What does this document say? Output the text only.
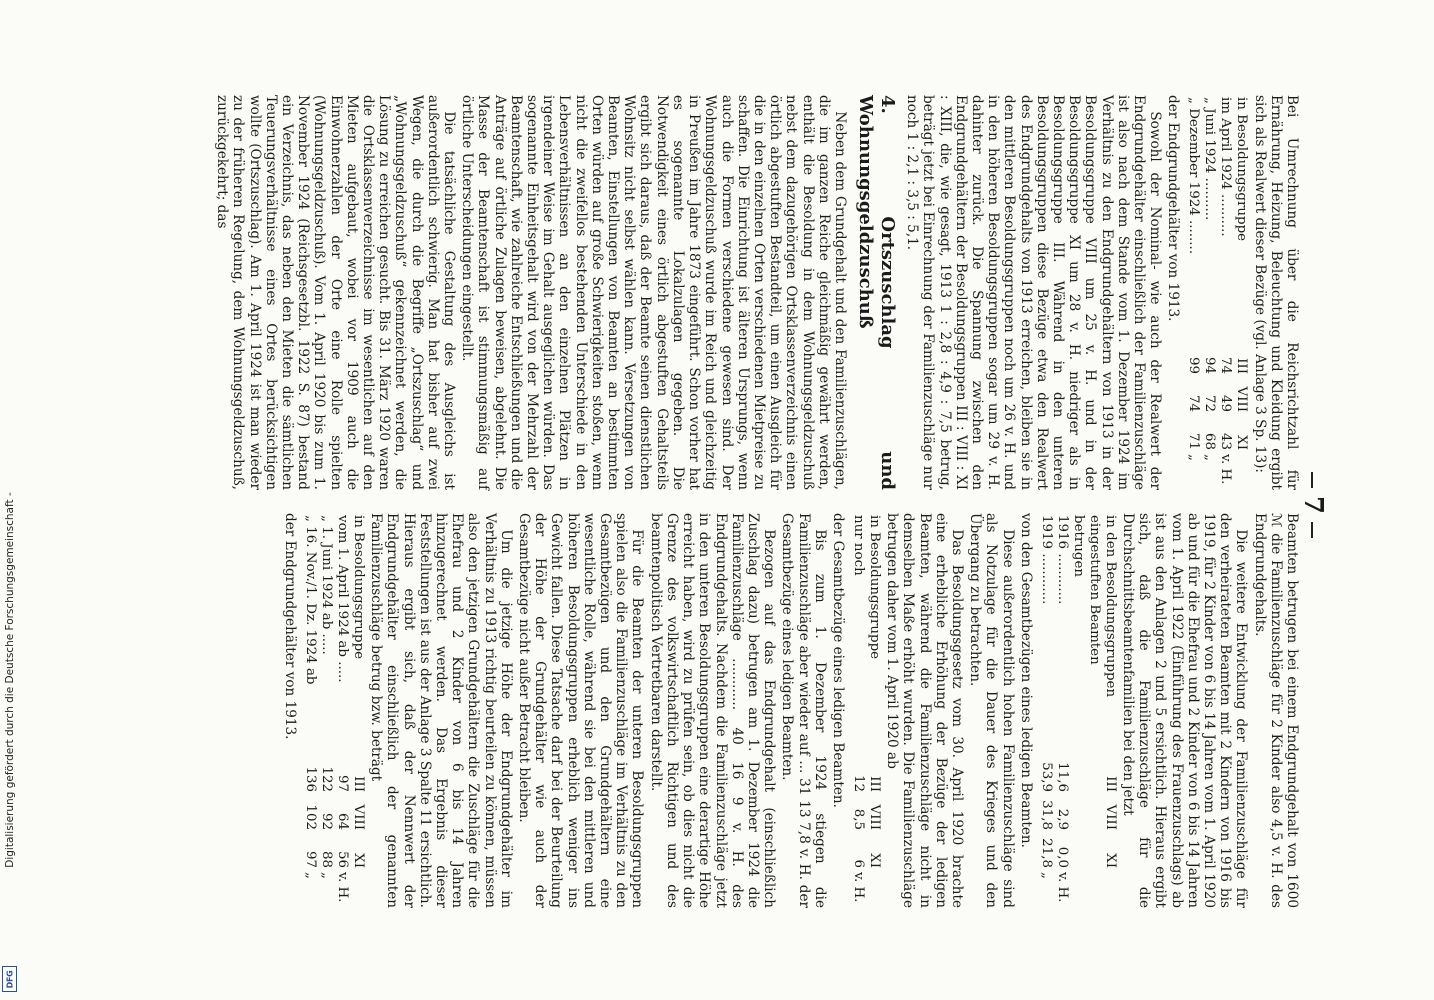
Digitalisierung gefördert durch die Deutsche Forschungsgemeinschaft -
DFG
7

Bei Umrechnung über die Reichsrichtzahl für Ernährung, Heizung, Beleuchtung und Kleidung ergibt sich als Realwert dieser Bezüge (vgl. Anlage 3 Sp. 13):

in Besoldungsgruppe	III	VIII	XI	
im April 1924 ..........	74	49	43	v. H.
„ Juni 1924 ..........	94	72	68	„
„ Dezember 1924 ........	99	74	71	„

der Endgrundgehälter von 1913.

Sowohl der Nominal- wie auch der Realwert der Endgrundgehälter einschließlich der Familienzuschläge ist also nach dem Stande vom 1. Dezember 1924 im Verhältnis zu den Endgrundgehältern von 1913 in der Besoldungsgruppe VIII um 25 v. H. und in der Besoldungsgruppe XI um 28 v. H. niedriger als in Besoldungsgruppe III. Während in den unteren Besoldungsgruppen diese Bezüge etwa den Realwert des Endgrundgehalts von 1913 erreichen, bleiben sie in den mittleren Besoldungsgruppen noch um 26 v. H. und in den höheren Besoldungsgruppen sogar um 29 v. H. dahinter zurück. Die Spannung zwischen den Endgrundgehältern der Besoldungsgruppen III : VIII : XI : XIII, die, wie gesagt, 1913 1 : 2,8 : 4,9 : 7,5 betrug, beträgt jetzt bei Einrechnung der Familienzuschläge nur noch 1 : 2,1 : 3,5 : 5,1.

4. Ortszuschlag und Wohnungsgeldzuschuß

Neben dem Grundgehalt und den Familienzuschlägen, die im ganzen Reiche gleichmäßig gewährt werden, enthält die Besoldung in dem Wohnungsgeldzuschuß nebst dem dazugehörigen Ortsklassenverzeichnis einen örtlich abgestuften Bestandteil, um einen Ausgleich für die in den einzelnen Orten verschiedenen Mietpreise zu schaffen. Die Einrichtung ist älteren Ursprungs, wenn auch die Formen verschiedene gewesen sind. Der Wohnungsgeldzuschuß wurde im Reich und gleichzeitig in Preußen im Jahre 1873 eingeführt. Schon vorher hat es sogenannte Lokalzulagen gegeben. Die Notwendigkeit eines örtlich abgestuften Gehaltsteils ergibt sich daraus, daß der Beamte seinen dienstlichen Wohnsitz nicht selbst wählen kann. Versetzungen von Beamten, Einstellungen von Beamten an bestimmten Orten würden auf große Schwierigkeiten stoßen, wenn nicht die zweifellos bestehenden Unterschiede in den Lebensverhältnissen an den einzelnen Plätzen in irgendeiner Weise im Gehalt ausgeglichen würden. Das sogenannte Einheitsgehalt wird von der Mehrzahl der Beamtenschaft, wie zahlreiche Entschließungen und die Anträge auf örtliche Zulagen beweisen, abgelehnt. Die Masse der Beamtenschaft ist stimmungsmäßig auf örtliche Unterscheidungen eingestellt.

Die tatsächliche Gestaltung des Ausgleichs ist außerordentlich schwierig. Man hat bisher auf zwei Wegen, die durch die Begriffe „Ortszuschlag“ und „Wohnungsgeldzuschuß“ gekennzeichnet werden, die Lösung zu erreichen gesucht. Bis 31. März 1920 waren die Ortsklassenverzeichnisse im wesentlichen auf den Mieten aufgebaut, wobei vor 1909 auch die Einwohnerzahlen der Orte eine Rolle spielten (Wohnungsgeldzuschuß). Vom 1. April 1920 bis zum 1. November 1924 (Reichsgesetzbl. 1922 S. 87) bestand ein Verzeichnis, das neben den Mieten die sämtlichen Teuerungsverhältnisse eines Ortes berücksichtigen wollte (Ortszuschlag). Am 1. April 1924 ist man wieder zu der früheren Regelung, dem Wohnungsgeldzuschuß, zurückgekehrt; das

Beamten betrugen bei einem Endgrundgehalt von 1600 ℳ die Familienzuschläge für 2 Kinder also 4,5 v. H. des Endgrundgehalts.

Die weitere Entwicklung der Familienzuschläge für den verheirateten Beamten mit 2 Kindern von 1916 bis 1919, für 2 Kinder von 6 bis 14 Jahren vom 1. April 1920 ab und für die Ehefrau und 2 Kinder von 6 bis 14 Jahren vom 1. April 1922 (Einführung des Frauenzuschlags) ab ist aus den Anlagen 2 und 5 ersichtlich. Hieraus ergibt sich, daß die Familienzuschläge für die Durchschnittsbeamtenfamilien bei den jetzt

in den Besoldungsgruppen	III	VIII	XI	
eingestuften Beamten				
betrugen				
1916 ............	11,6	2,9	0,0	v. H.
1919 ............	53,9	31,8	21,8	„

von den Gesamtbezügen eines ledigen Beamten.

Diese außerordentlich hohen Familienzuschläge sind als Notzulage für die Dauer des Krieges und den Übergang zu betrachten.

Das Besoldungsgesetz vom 30. April 1920 brachte eine erhebliche Erhöhung der Bezüge der ledigen Beamten, während die Familienzuschläge nicht in demselben Maße erhöht wurden. Die Familienzuschläge betrugen daher vom 1. April 1920 ab

in Besoldungsgruppe	III	VIII	XI	
nur noch	12	8,5	6	v. H.

der Gesamtbezüge eines ledigen Beamten.

Bis zum 1. Dezember 1924 stiegen die Familienzuschläge aber wieder auf ... 31 13 7,8 v. H. der Gesamtbezüge eines ledigen Beamten.

Bezogen auf das Endgrundgehalt (einschließlich Zuschlag dazu) betrugen am 1. Dezember 1924 die Familienzuschläge ............ 40 16 9 v. H. des Endgrundgehalts. Nachdem die Familienzuschläge jetzt in den unteren Besoldungsgruppen eine derartige Höhe erreicht haben, wird zu prüfen sein, ob dies nicht die Grenze des volkswirtschaftlich Richtigen und des beamtenpolitisch Vertretbaren darstellt.

Für die Beamten der unteren Besoldungsgruppen spielen also die Familienzuschläge im Verhältnis zu den Gesamtbezügen und den Grundgehältern eine wesentliche Rolle, während sie bei den mittleren und höheren Besoldungsgruppen erheblich weniger ins Gewicht fallen. Diese Tatsache darf bei der Beurteilung der Höhe der Grundgehälter wie auch der Gesamtbezüge nicht außer Betracht bleiben.

Um die jetzige Höhe der Endgrundgehälter im Verhältnis zu 1913 richtig beurteilen zu können, müssen also den jetzigen Grundgehältern die Zuschläge für die Ehefrau und 2 Kinder von 6 bis 14 Jahren hinzugerechnet werden. Das Ergebnis dieser Feststellungen ist aus der Anlage 3 Spalte 11 ersichtlich. Hieraus ergibt sich, daß der Nennwert der Endgrundgehälter einschließlich der genannten Familienzuschläge betrug bzw. beträgt

in Besoldungsgruppe	III	VIII	XI	
vom 1. April 1924 ab .....	97	64	56	v. H.
„ 1. Juni 1924 ab .....	122	92	88	„
„ 16. Nov./1. Dz. 1924 ab	136	102	97	„

der Endgrundgehälter von 1913.
